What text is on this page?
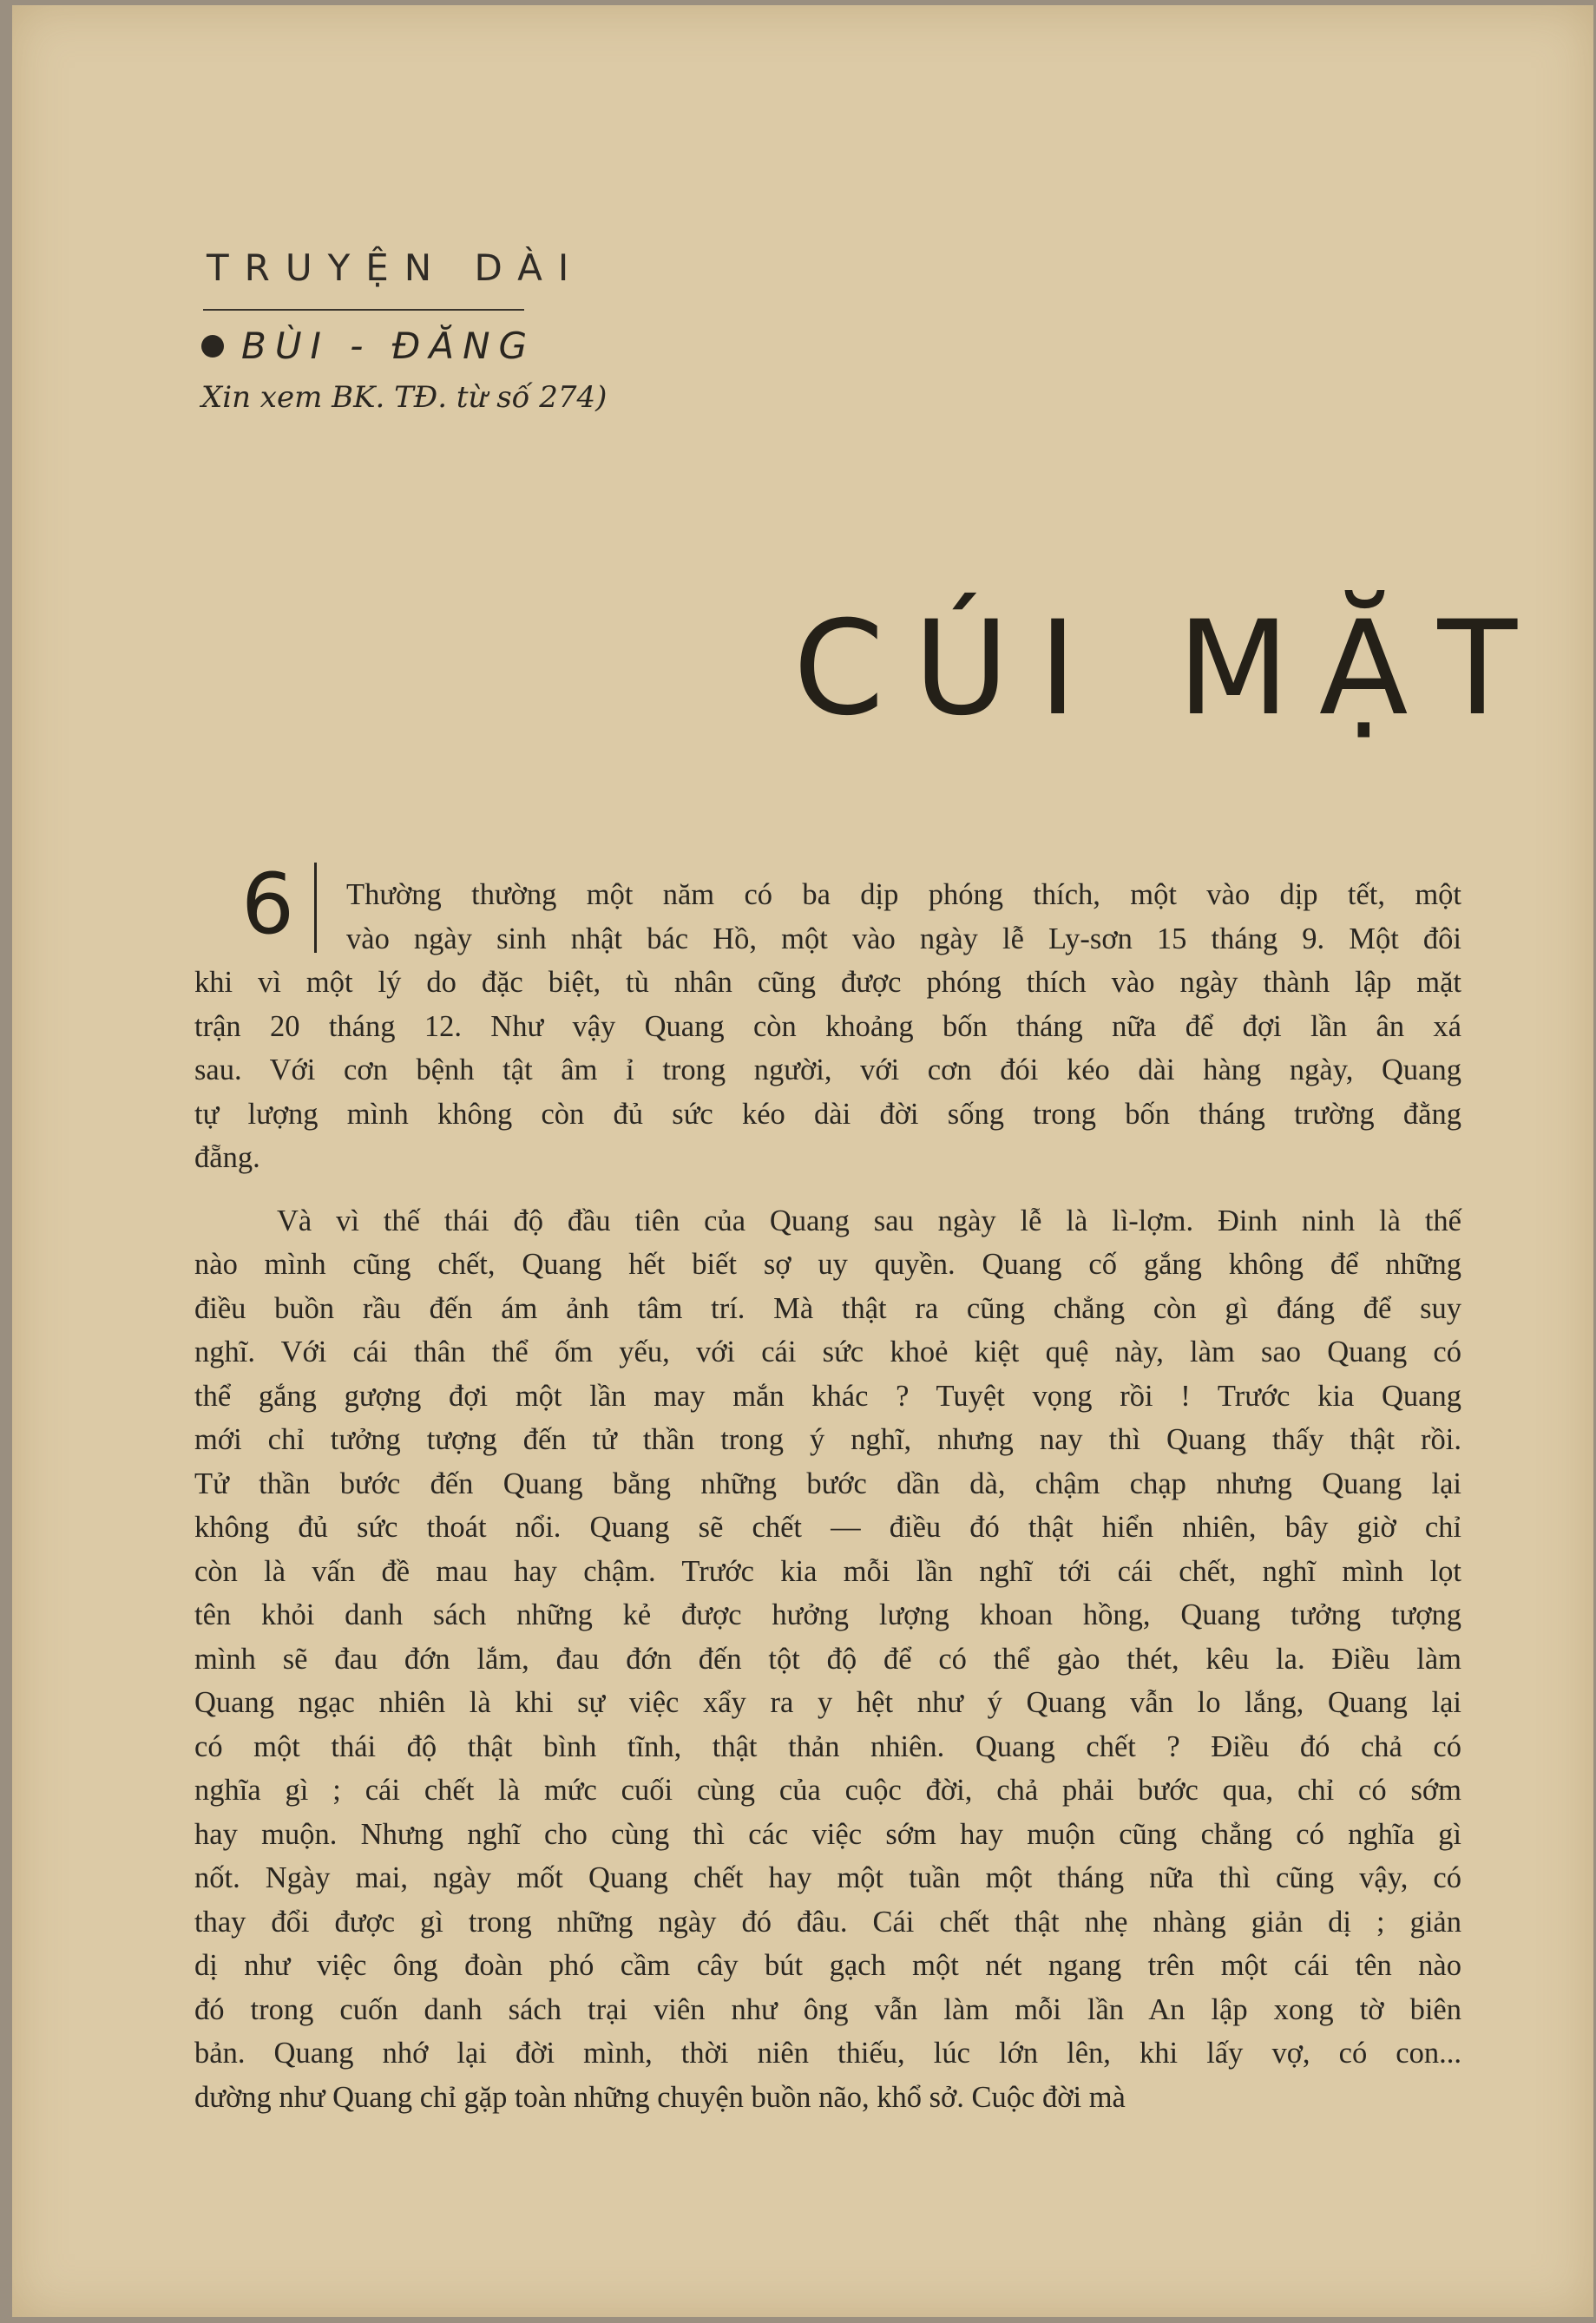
TRUYỆN DÀI
BÙI - ĐĂNG
Xin xem BK. TĐ. từ số 274)
CÚI MẶT
6	Thường thường một năm có ba dịp phóng thích, một vào dịp tết, một
vào ngày sinh nhật bác Hồ, một vào ngày lễ Ly-sơn 15 tháng 9. Một đôi
khi vì một lý do đặc biệt, tù nhân cũng được phóng thích vào ngày thành lập mặt
trận 20 tháng 12. Như vậy Quang còn khoảng bốn tháng nữa để đợi lần ân xá
sau. Với cơn bệnh tật âm ỉ trong người, với cơn đói kéo dài hàng ngày, Quang
tự lượng mình không còn đủ sức kéo dài đời sống trong bốn tháng trường đằng
đẵng.
Và vì thế thái độ đầu tiên của Quang sau ngày lễ là lì-lợm. Đinh ninh là thế
nào mình cũng chết, Quang hết biết sợ uy quyền. Quang cố gắng không để những
điều buồn rầu đến ám ảnh tâm trí. Mà thật ra cũng chẳng còn gì đáng để suy
nghĩ. Với cái thân thể ốm yếu, với cái sức khoẻ kiệt quệ này, làm sao Quang có
thể gắng gượng đợi một lần may mắn khác ? Tuyệt vọng rồi ! Trước kia Quang
mới chỉ tưởng tượng đến tử thần trong ý nghĩ, nhưng nay thì Quang thấy thật rồi.
Tử thần bước đến Quang bằng những bước dần dà, chậm chạp nhưng Quang lại
không đủ sức thoát nổi. Quang sẽ chết — điều đó thật hiển nhiên, bây giờ chỉ
còn là vấn đề mau hay chậm. Trước kia mỗi lần nghĩ tới cái chết, nghĩ mình lọt
tên khỏi danh sách những kẻ được hưởng lượng khoan hồng, Quang tưởng tượng
mình sẽ đau đớn lắm, đau đớn đến tột độ để có thể gào thét, kêu la. Điều làm
Quang ngạc nhiên là khi sự việc xẩy ra y hệt như ý Quang vẫn lo lắng, Quang lại
có một thái độ thật bình tĩnh, thật thản nhiên. Quang chết ? Điều đó chả có
nghĩa gì ; cái chết là mức cuối cùng của cuộc đời, chả phải bước qua, chỉ có sớm
hay muộn. Nhưng nghĩ cho cùng thì các việc sớm hay muộn cũng chẳng có nghĩa gì
nốt. Ngày mai, ngày mốt Quang chết hay một tuần một tháng nữa thì cũng vậy, có
thay đổi được gì trong những ngày đó đâu. Cái chết thật nhẹ nhàng giản dị ; giản
dị như việc ông đoàn phó cầm cây bút gạch một nét ngang trên một cái tên nào
đó trong cuốn danh sách trại viên như ông vẫn làm mỗi lần An lập xong tờ biên
bản. Quang nhớ lại đời mình, thời niên thiếu, lúc lớn lên, khi lấy vợ, có con...
dường như Quang chỉ gặp toàn những chuyện buồn não, khổ sở. Cuộc đời mà
